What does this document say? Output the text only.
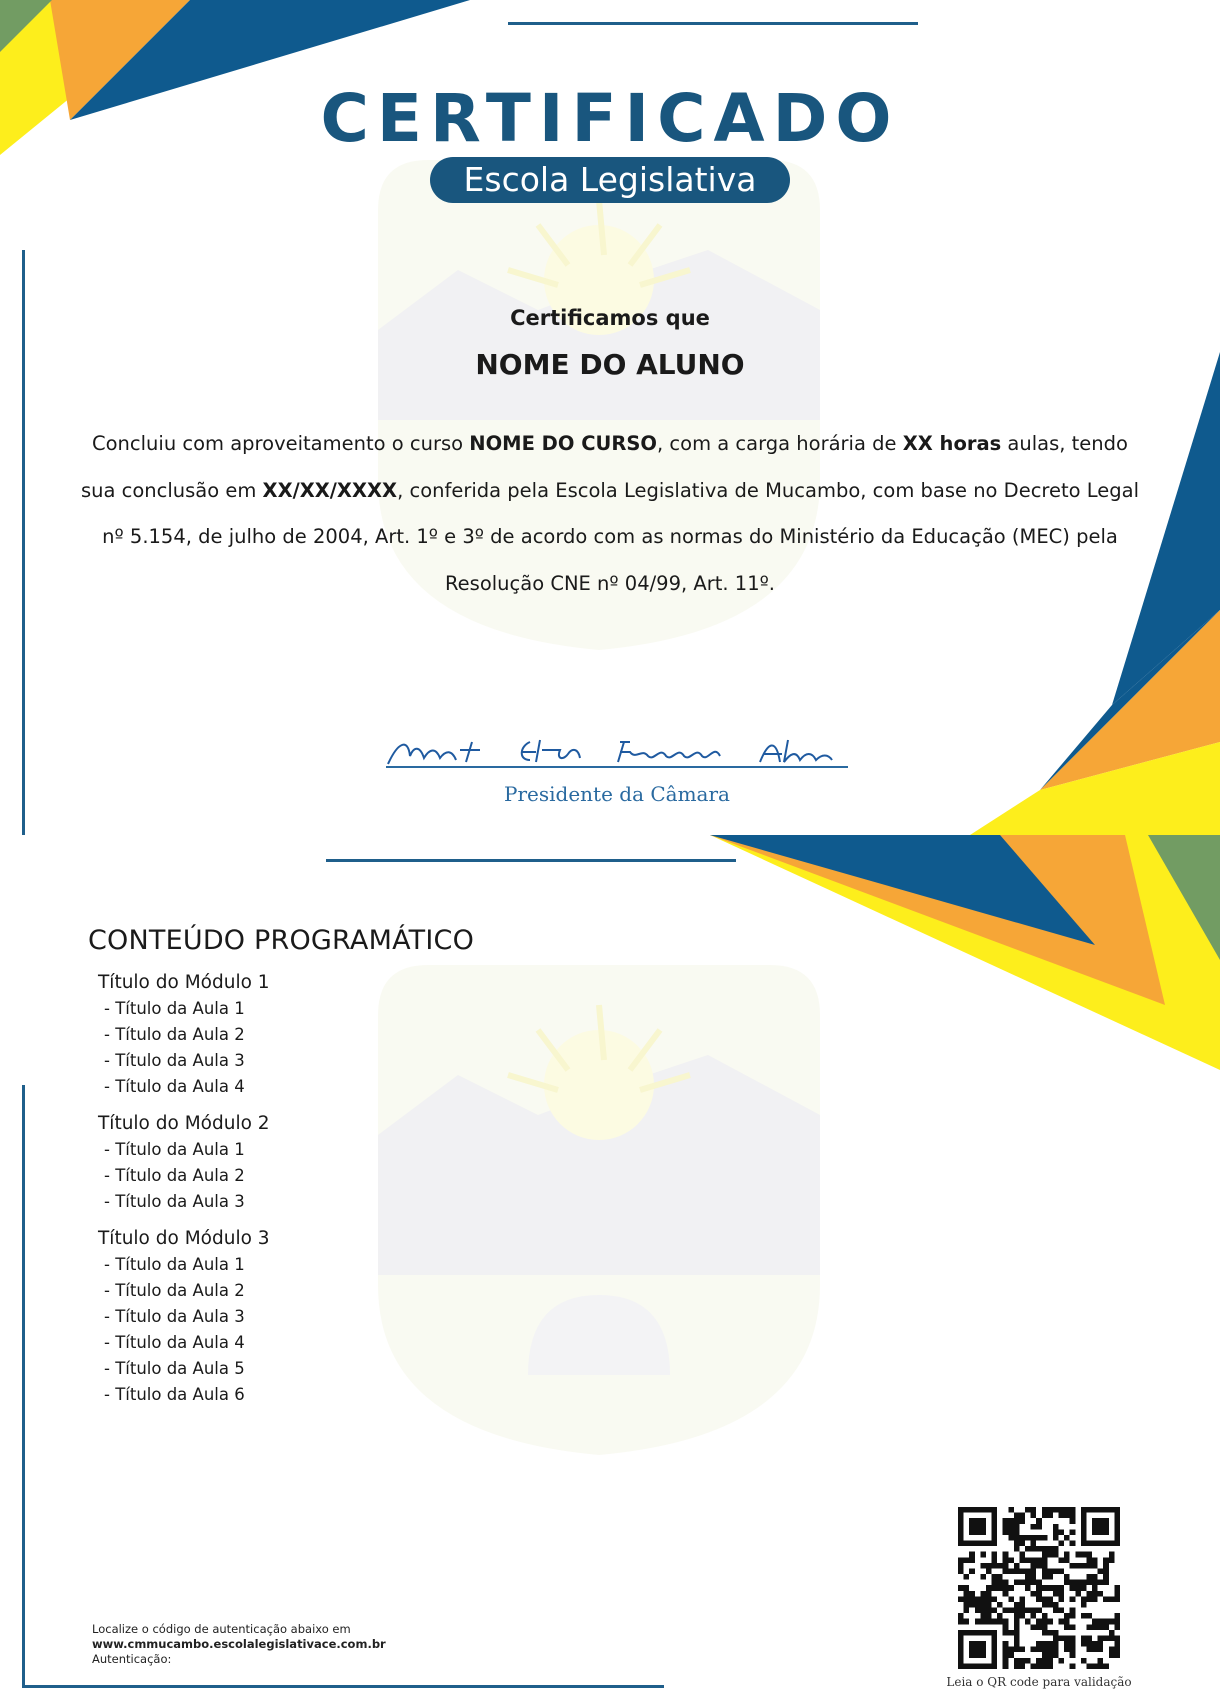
CERTIFICADO
Escola Legislativa
Certificamos que
NOME DO ALUNO
Concluiu com aproveitamento o curso NOME DO CURSO, com a carga horária de XX horas aulas, tendo sua conclusão em XX/XX/XXXX, conferida pela Escola Legislativa de Mucambo, com base no Decreto Legal nº 5.154, de julho de 2004, Art. 1º e 3º de acordo com as normas do Ministério da Educação (MEC) pela Resolução CNE nº 04/99, Art. 11º.
Presidente da Câmara
CONTEÚDO PROGRAMÁTICO
Título do Módulo 1
- Título da Aula 1
- Título da Aula 2
- Título da Aula 3
- Título da Aula 4
Título do Módulo 2
- Título da Aula 1
- Título da Aula 2
- Título da Aula 3
Título do Módulo 3
- Título da Aula 1
- Título da Aula 2
- Título da Aula 3
- Título da Aula 4
- Título da Aula 5
- Título da Aula 6
Localize o código de autenticação abaixo em
www.cmmucambo.escolalegislativace.com.br
Autenticação:
Leia o QR code para validação
